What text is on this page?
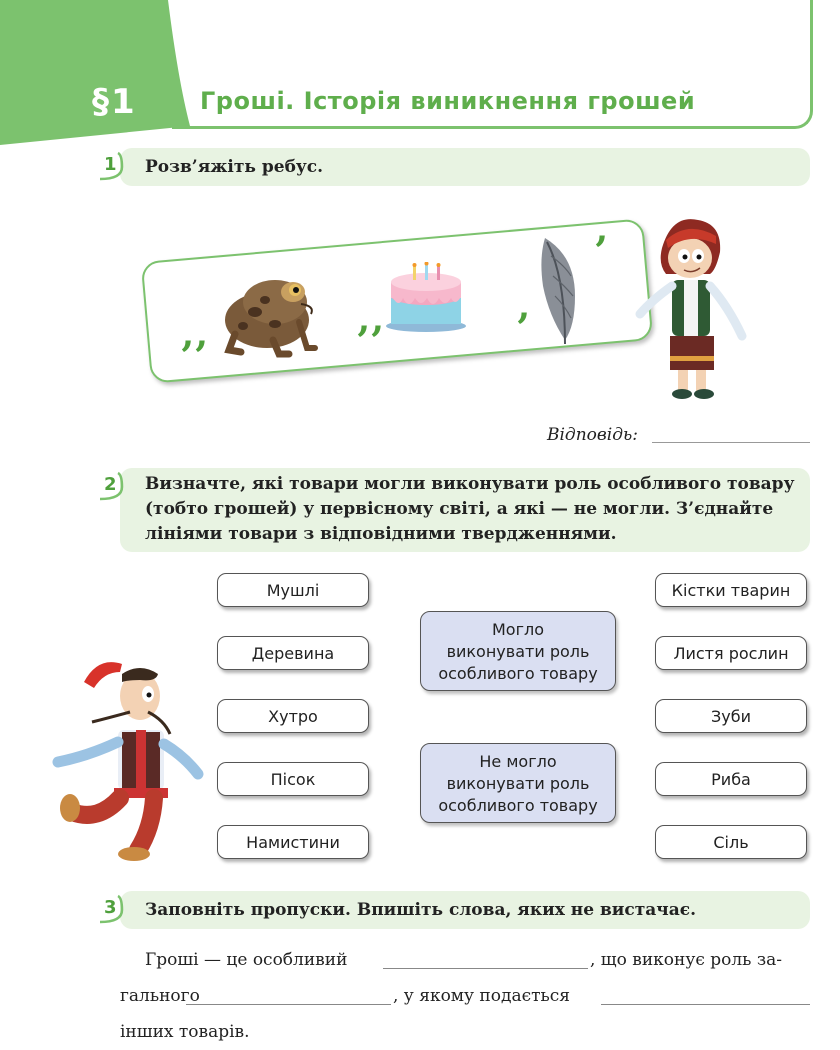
§1	Гроші. Історія виникнення грошей
1 Розв’яжіть ребус.
’’	’’	’
’
Відповідь:
2 Визначте, які товари могли виконувати роль особливого товару
(тобто грошей) у первісному світі, а які — не могли. З’єднайте
лініями товари з відповідними твердженнями.
Мушлі
Деревина
Хутро
Пісок
Намистини
Кістки тварин
Листя рослин
Зуби
Риба
Сіль
Могло
виконувати роль
особливого товару
Не могло
виконувати роль
особливого товару
3 Заповніть пропуски. Впишіть слова, яких не вистачає.
Гроші — це особливий	, що виконує роль за-
гального	, у якому подається
інших товарів.
